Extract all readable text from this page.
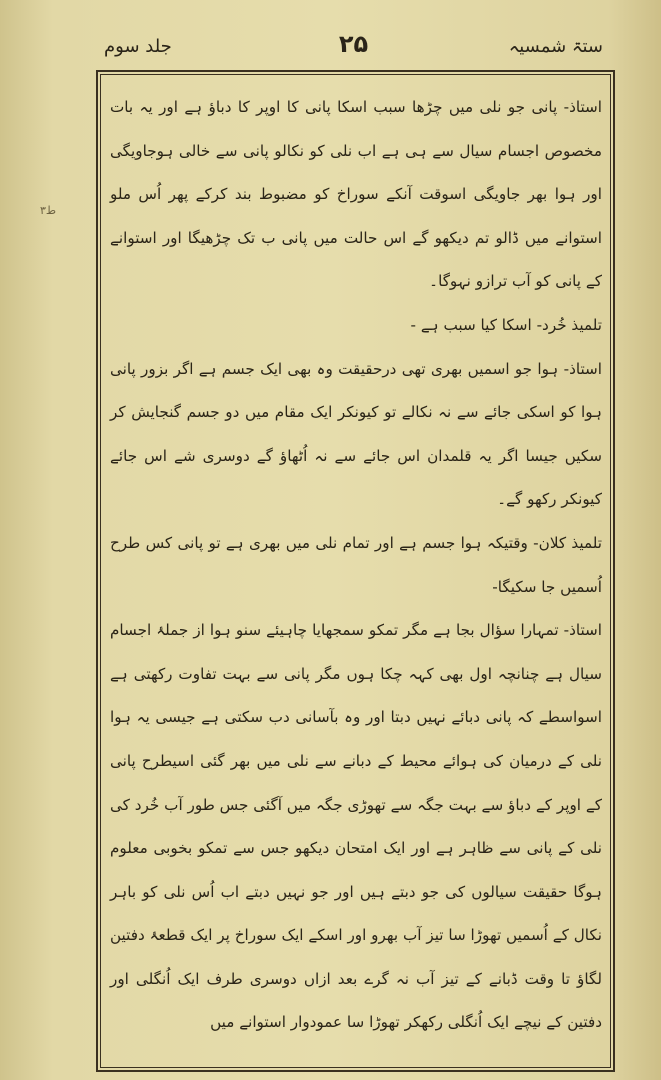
ستۃ شمسیہ
۲۵
جلد سوم
۳ط

استاذ- پانی جو نلی میں چڑھا سبب اسکا پانی کا اوپر کا دباؤ ہے اور یہ بات مخصوص اجسام سیال سے ہی ہے اب نلی کو نکالو پانی سے خالی ہوجاویگی اور ہوا بھر جاویگی اسوقت آنکے سوراخ کو مضبوط بند کرکے پھر اُس ملو استوانے میں ڈالو تم دیکھو گے اس حالت میں پانی ب تک چڑھیگا اور استوانے کے پانی کو آب ترازو نہوگا۔

تلمیذ خُرد- اسکا کیا سبب ہے -

استاذ- ہوا جو اسمیں بھری تھی درحقیقت وہ بھی ایک جسم ہے اگر بزور پانی ہوا کو اسکی جائے سے نہ نکالے تو کیونکر ایک مقام میں دو جسم گنجایش کر سکیں جیسا اگر یہ قلمدان اس جائے سے نہ اُٹھاؤ گے دوسری شے اس جائے کیونکر رکھو گے۔

تلمیذ کلان- وقتیکہ ہوا جسم ہے اور تمام نلی میں بھری ہے تو پانی کس طرح اُسمیں جا سکیگا-

استاذ- تمہارا سؤال بجا ہے مگر تمکو سمجھایا چاہیئے سنو ہوا از جملۂ اجسام سیال ہے چنانچہ اول بھی کہہ چکا ہوں مگر پانی سے بہت تفاوت رکھتی ہے اسواسطے کہ پانی دبائے نہیں دبتا اور وہ بآسانی دب سکتی ہے جیسی یہ ہوا نلی کے درمیان کی ہوائے محیط کے دبانے سے نلی میں بھر گئی اسیطرح پانی کے اوپر کے دباؤ سے بہت جگہ سے تھوڑی جگہ میں آگئی جس طور آب خُرد کی نلی کے پانی سے ظاہر ہے اور ایک امتحان دیکھو جس سے تمکو بخوبی معلوم ہوگا حقیقت سیالوں کی جو دبتے ہیں اور جو نہیں دبتے اب اُس نلی کو باہر نکال کے اُسمیں تھوڑا سا تیز آب بھرو اور اسکے ایک سوراخ پر ایک قطعۂ دفتین لگاؤ تا وقت ڈبانے کے تیز آب نہ گرے بعد ازاں دوسری طرف ایک اُنگلی اور دفتین کے نیچے ایک اُنگلی رکھکر تھوڑا سا عمودوار استوانے میں
